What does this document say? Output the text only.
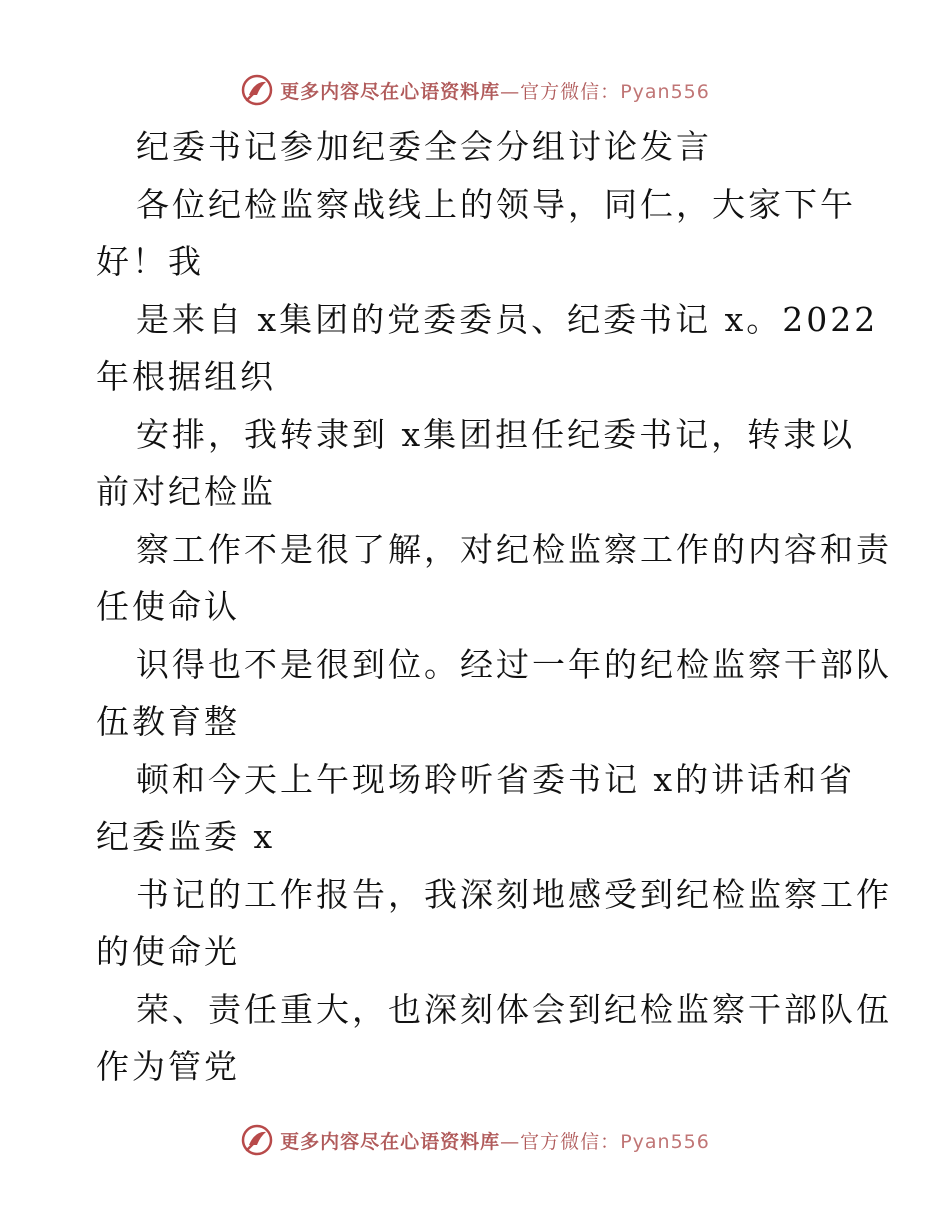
更多内容尽在心语资料库—官方微信：Pyan556
纪委书记参加纪委全会分组讨论发言
各位纪检监察战线上的领导，同仁，大家下午
好！我
是来自 x集团的党委委员、纪委书记 x。2022
年根据组织
安排，我转隶到 x集团担任纪委书记，转隶以
前对纪检监
察工作不是很了解，对纪检监察工作的内容和责
任使命认
识得也不是很到位。经过一年的纪检监察干部队
伍教育整
顿和今天上午现场聆听省委书记 x的讲话和省
纪委监委 x
书记的工作报告，我深刻地感受到纪检监察工作
的使命光
荣、责任重大，也深刻体会到纪检监察干部队伍
作为管党
更多内容尽在心语资料库—官方微信：Pyan556
